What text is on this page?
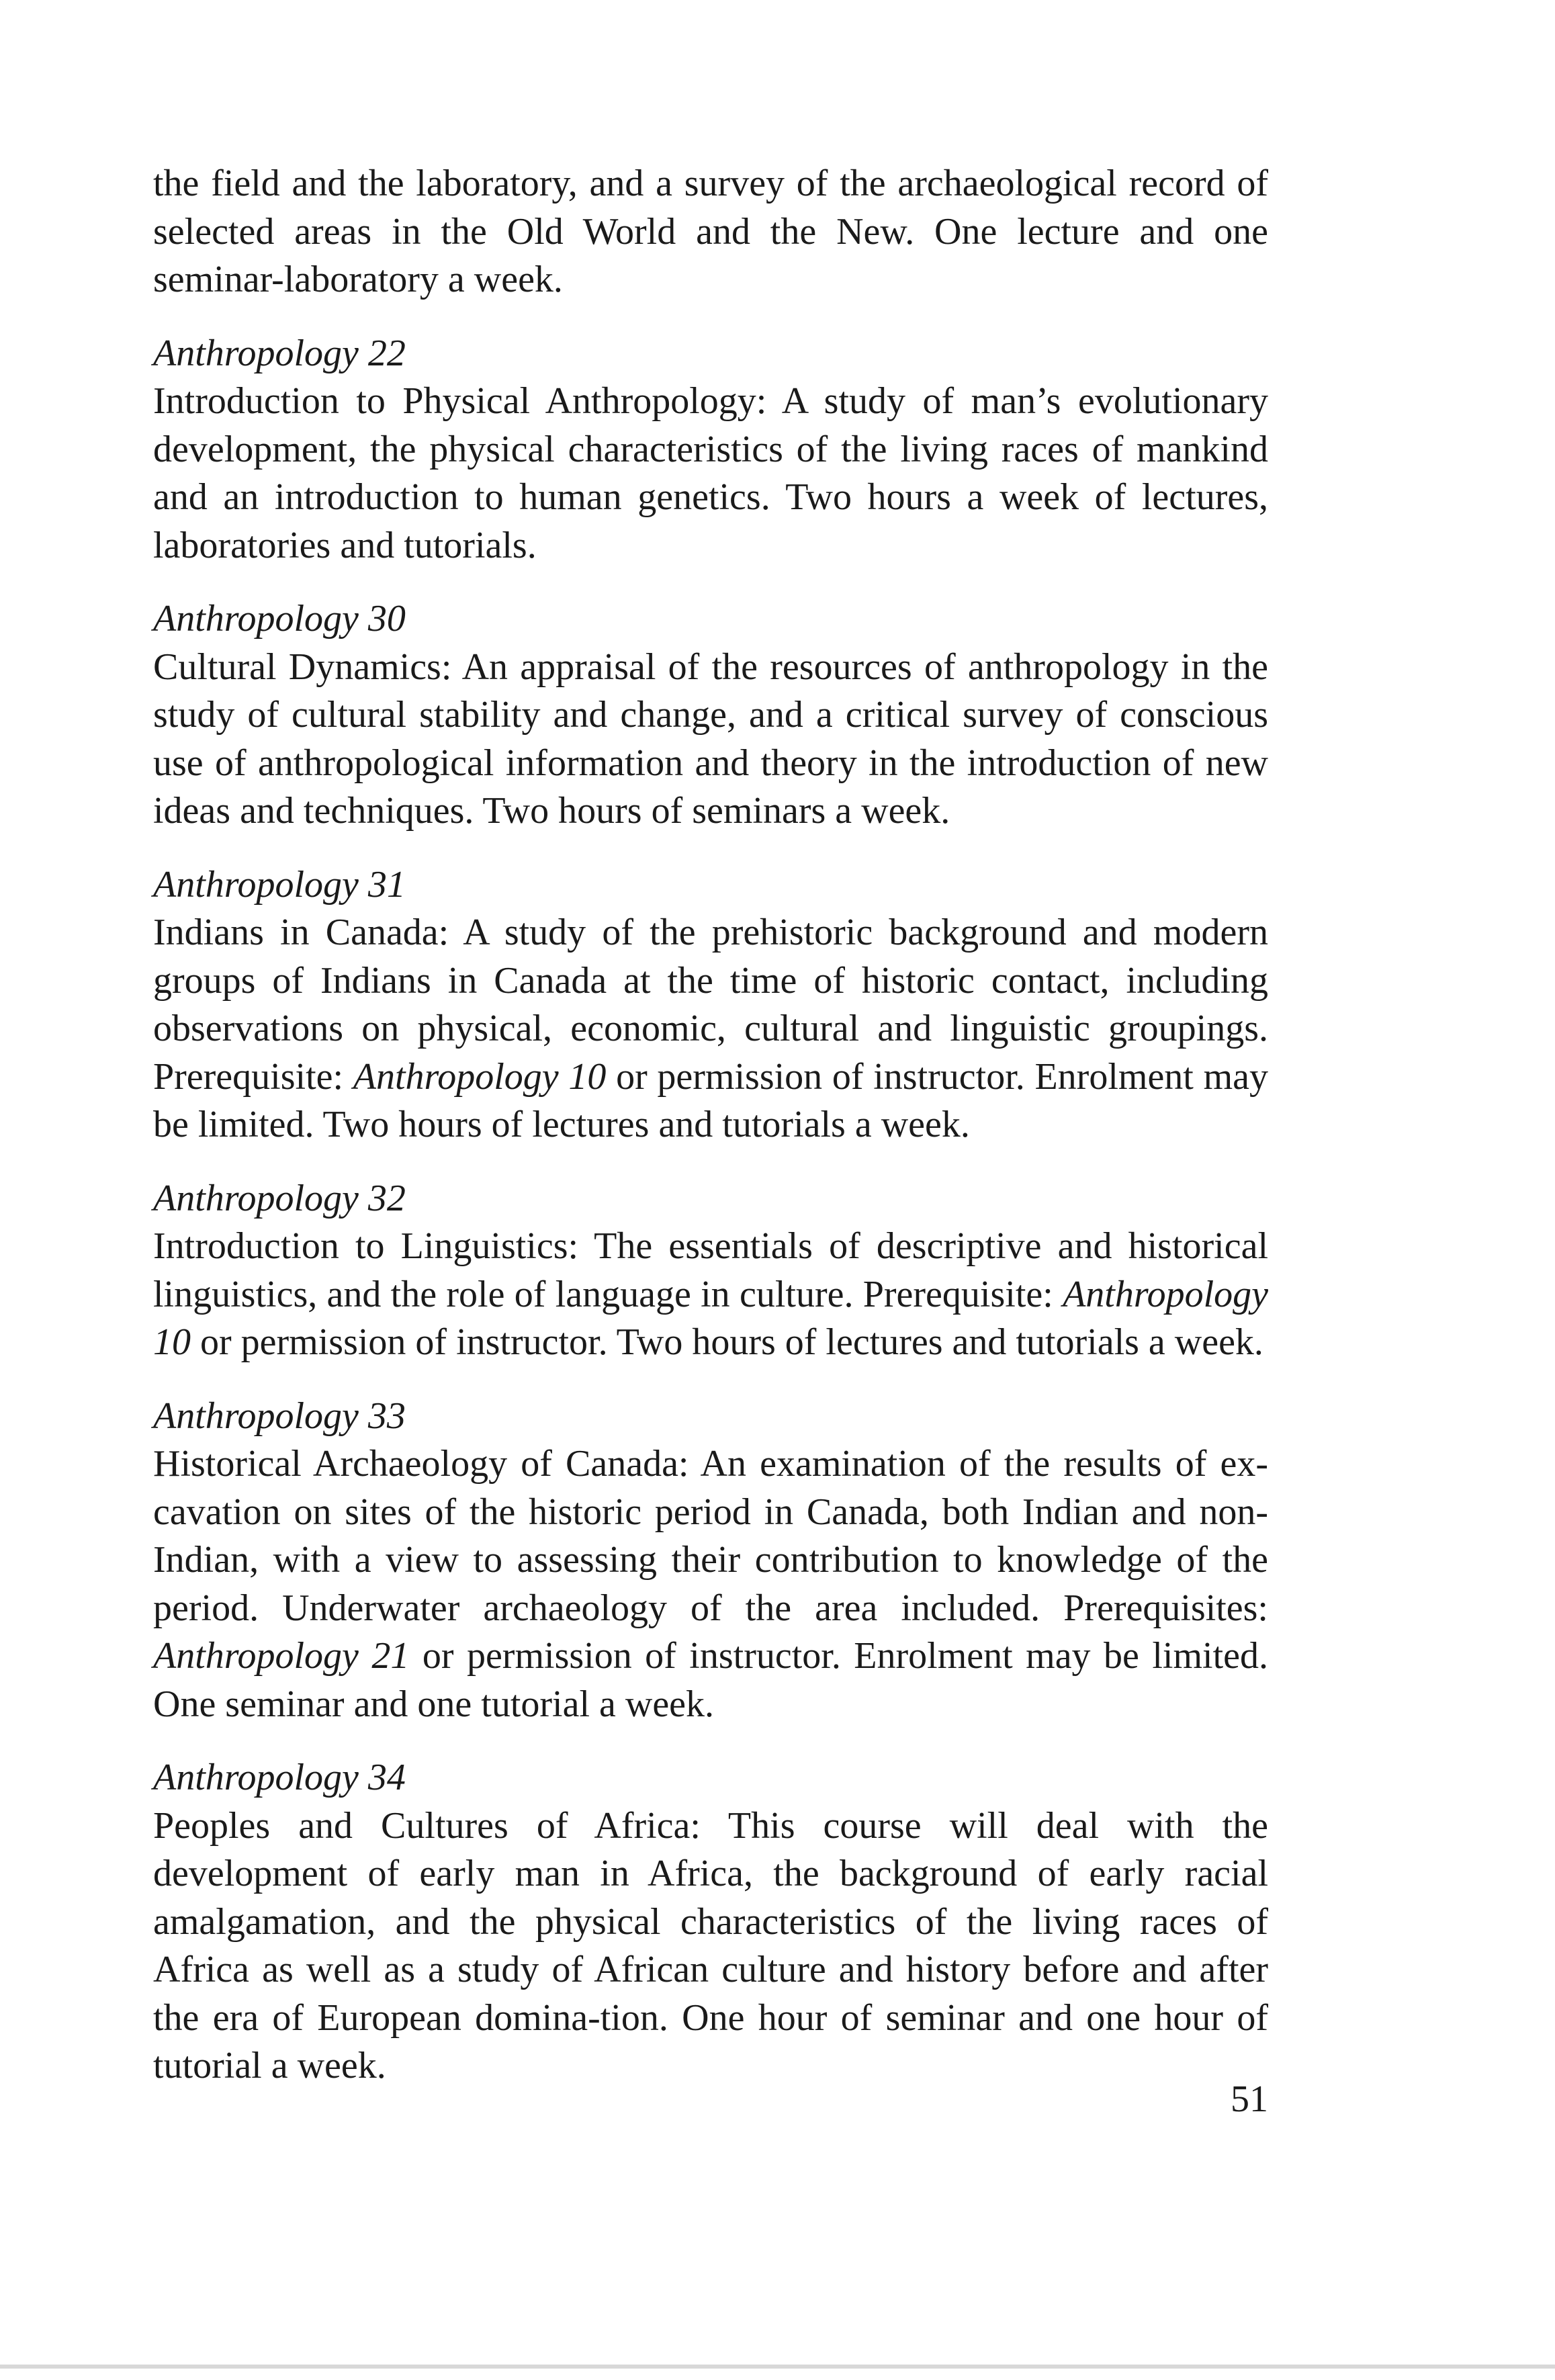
the field and the laboratory, and a survey of the archaeological record of selected areas in the Old World and the New. One lecture and one seminar-laboratory a week.

Anthropology 22

Introduction to Physical Anthropology: A study of man’s evolutionary development, the physical characteristics of the living races of mankind and an introduction to human genetics. Two hours a week of lectures, laboratories and tutorials.

Anthropology 30

Cultural Dynamics: An appraisal of the resources of anthropology in the study of cultural stability and change, and a critical survey of conscious use of anthropological information and theory in the introduction of new ideas and techniques. Two hours of seminars a week.

Anthropology 31

Indians in Canada: A study of the prehistoric background and modern groups of Indians in Canada at the time of historic contact, including observations on physical, economic, cultural and linguistic groupings. Prerequisite: Anthropology 10 or permission of instructor. Enrolment may be limited. Two hours of lectures and tutorials a week.

Anthropology 32

Introduction to Linguistics: The essentials of descriptive and historical linguistics, and the role of language in culture. Prerequisite: Anthropology 10 or permission of instructor. Two hours of lectures and tutorials a week.

Anthropology 33

Historical Archaeology of Canada: An examination of the results of ex-cavation on sites of the historic period in Canada, both Indian and non-Indian, with a view to assessing their contribution to knowledge of the period. Underwater archaeology of the area included. Prerequisites: Anthropology 21 or permission of instructor. Enrolment may be limited. One seminar and one tutorial a week.

Anthropology 34

Peoples and Cultures of Africa: This course will deal with the development of early man in Africa, the background of early racial amalgamation, and the physical characteristics of the living races of Africa as well as a study of African culture and history before and after the era of European domina-tion. One hour of seminar and one hour of tutorial a week.

51
